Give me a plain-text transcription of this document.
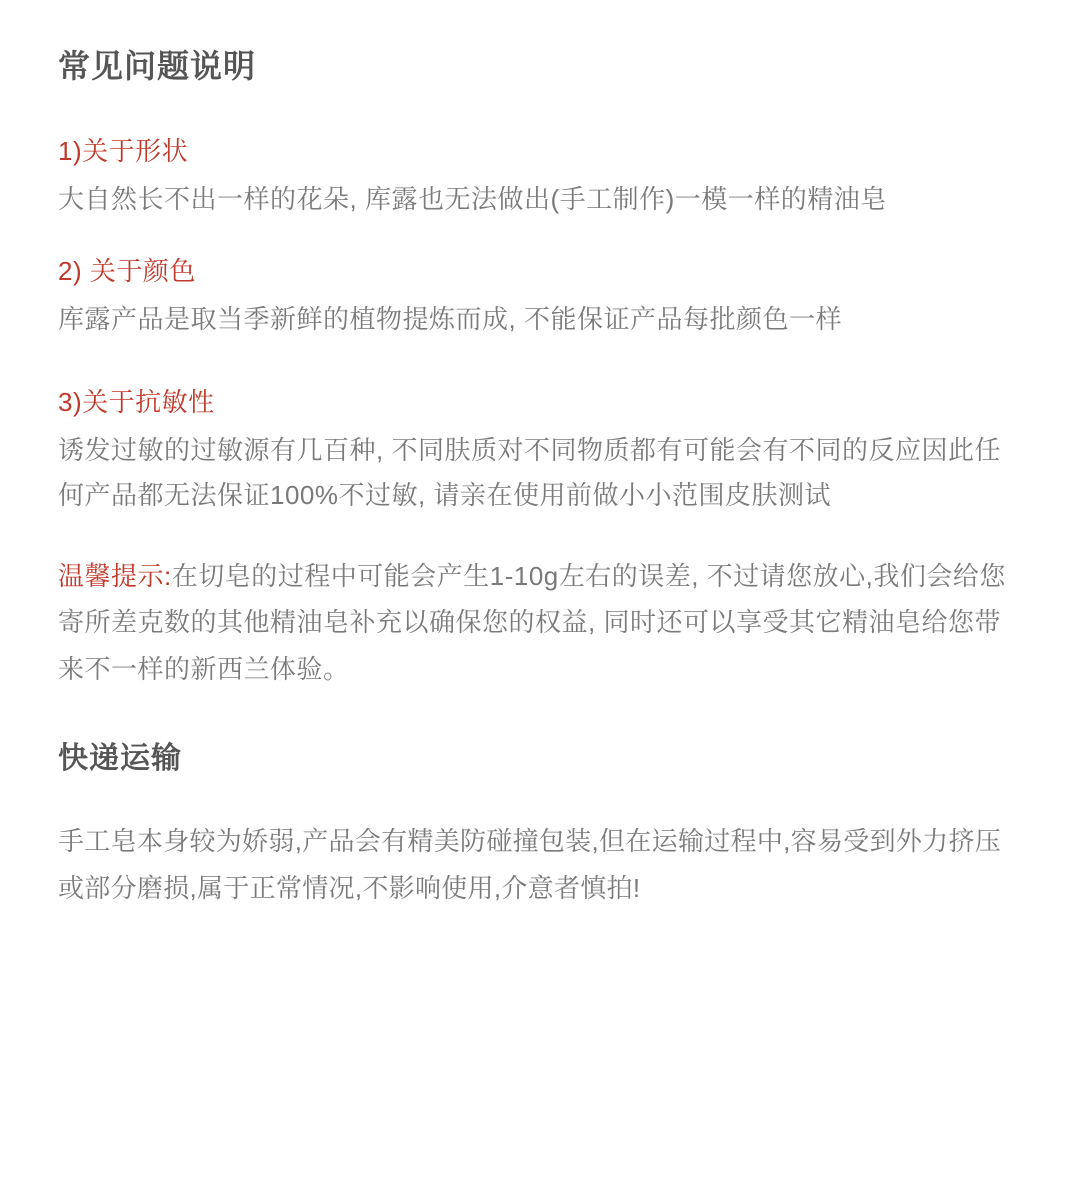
常见问题说明

1)关于形状

大自然长不出一样的花朵, 库露也无法做出(手工制作)一模一样的精油皂

2) 关于颜色

库露产品是取当季新鲜的植物提炼而成, 不能保证产品每批颜色一样

3)关于抗敏性

诱发过敏的过敏源有几百种, 不同肤质对不同物质都有可能会有不同的反应因此任何产品都无法保证100%不过敏, 请亲在使用前做小小范围皮肤测试

温馨提示:在切皂的过程中可能会产生1-10g左右的误差, 不过请您放心,我们会给您寄所差克数的其他精油皂补充以确保您的权益, 同时还可以享受其它精油皂给您带来不一样的新西兰体验。

快递运输

手工皂本身较为娇弱,产品会有精美防碰撞包装,但在运输过程中,容易受到外力挤压或部分磨损,属于正常情况,不影响使用,介意者慎拍!
